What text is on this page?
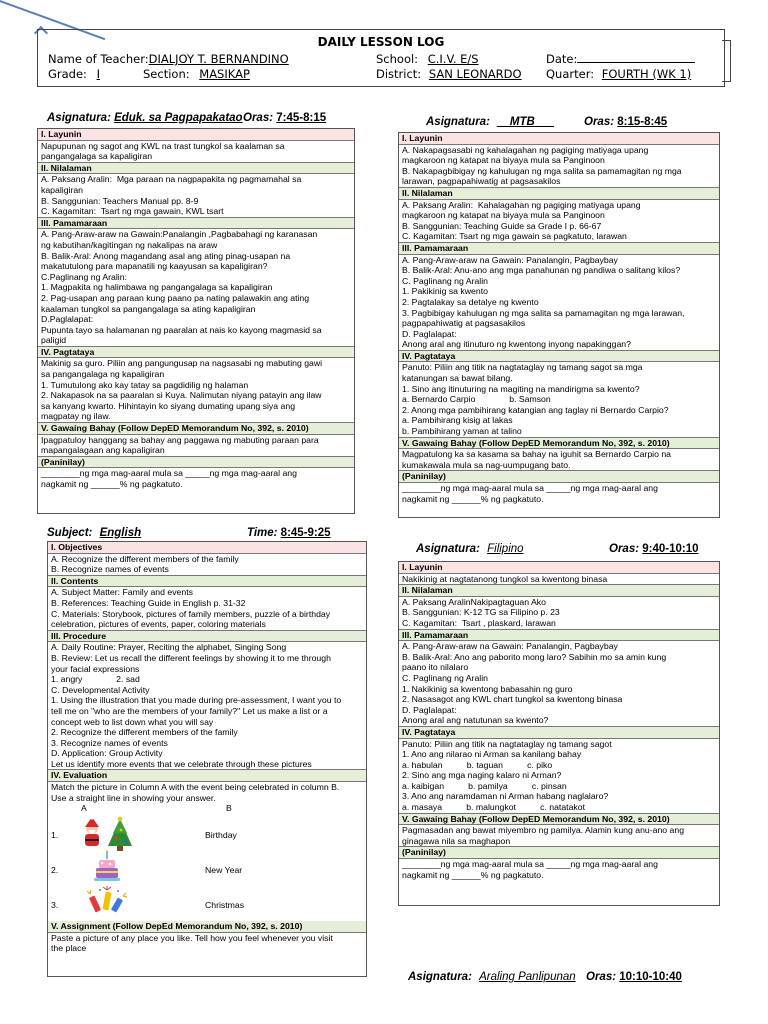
DAILY LESSON LOG
Name of Teacher:DIALJOY T. BERNANDINO	School: C.I.V. E/S	Date:
Grade: I	Section: MASIKAP	District: SAN LEONARDO Quarter: FOURTH (WK 1)
Asignatura: Eduk. sa Pagpapakatao Oras: 7:45-8:15
I. Layunin
Napupunan ng sagot ang KWL na trast tungkol sa kaalaman sa
pangangalaga sa kapaligiran
II. Nilalaman
A. Paksang Aralin:  Mga paraan na nagpapakita ng pagmamahal sa
kapaligiran
B. Sanggunian: Teachers Manual pp. 8-9
C. Kagamitan:  Tsart ng mga gawain, KWL tsart
III. Pamamaraan
A. Pang-Araw-araw na Gawain:Panalangin ,Pagbabahagi ng karanasan
ng kabutihan/kagitingan ng nakalipas na araw
B. Balik-Aral: Anong magandang asal ang ating pinag-usapan na
makatutulong para mapanatili ng kaayusan sa kapaligiran?
C.Paglinang ng Aralin:
1. Magpakita ng halimbawa ng pangangalaga sa kapaligiran
2. Pag-usapan ang paraan kung paano pa nating palawakin ang ating
kaalaman tungkol sa pangangalaga sa ating kapaligiran
D.Paglalapat:
Pupunta tayo sa halamanan ng paaralan at nais ko kayong magmasid sa
paligid
IV. Pagtataya
Makinig sa guro. Piliin ang pangungusap na nagsasabi ng mabuting gawi
sa pangangalaga ng kapaligiran
1. Tumutulong ako kay tatay sa pagdidilig ng halaman
2. Nakapasok na sa paaralan si Kuya. Nalimutan niyang patayin ang ilaw
sa kanyang kwarto. Hihintayin ko siyang dumating upang siya ang
magpatay ng ilaw.
V. Gawaing Bahay (Follow DepED Memorandum No, 392, s. 2010)
Ipagpatuloy hanggang sa bahay ang paggawa ng mabuting paraan para
mapangalagaan ang kapaligiran
(Paninilay)
________ng mga mag-aaral mula sa _____ng mga mag-aaral ang
nagkamit ng ______% ng pagkatuto.
Asignatura: __MTB___	Oras: 8:15-8:45
I. Layunin
A. Nakapagsasabi ng kahalagahan ng pagiging matiyaga upang
magkaroon ng katapat na biyaya mula sa Panginoon
B. Nakapagbibigay ng kahulugan ng mga salita sa pamamagitan ng mga
larawan, pagpapahiwatig at pagsasakilos
II. Nilalaman
A. Paksang Aralin:  Kahalagahan ng pagiging matiyaga upang
magkaroon ng katapat na biyaya mula sa Panginoon
B. Sanggunian: Teaching Guide sa Grade I p. 66-67
C. Kagamitan: Tsart ng mga gawain sa pagkatuto, larawan
III. Pamamaraan
A. Pang-Araw-araw na Gawain: Panalangin, Pagbaybay
B. Balik-Aral: Anu-ano ang mga panahunan ng pandiwa o salitang kilos?
C. Paglinang ng Aralin
1. Pakikinig sa kwento
2. Pagtalakay sa detalye ng kwento
3. Pagbibigay kahulugan ng mga salita sa pamamagitan ng mga larawan,
pagpapahiwatig at pagsasakilos
D. Paglalapat:
Anong aral ang itinuturo ng kwentong inyong napakinggan?
IV. Pagtataya
Panuto: Piliin ang titik na nagtataglay ng tamang sagot sa mga
katanungan sa bawat bilang.
1. Sino ang itinuturing na magiting na mandirigma sa kwento?
a. Bernardo Carpio              b. Samson
2. Anong mga pambihirang katangian ang taglay ni Bernardo Carpio?
a. Pambihirang kisig at lakas
b. Pambihirang yaman at talino
V. Gawaing Bahay (Follow DepED Memorandum No, 392, s. 2010)
Magpatulong ka sa kasama sa bahay na iguhit sa Bernardo Carpio na
kumakawala mula sa nag-uumpugang bato.
(Paninilay)
________ng mga mag-aaral mula sa _____ng mga mag-aaral ang
nagkamit ng ______% ng pagkatuto.
Subject: English	Time: 8:45-9:25
I. Objectives
A. Recognize the different members of the family
B. Recognize names of events
II. Contents
A. Subject Matter: Family and events
B. References: Teaching Guide in English p. 31-32
C. Materials: Storybook, pictures of family members, puzzle of a birthday
celebration, pictures of events, paper, coloring materials
III. Procedure
A. Daily Routine: Prayer, Reciting the alphabet, Singing Song
B. Review: Let us recall the different feelings by showing it to me through
your facial expressions
1. angry              2. sad
C. Developmental Activity
1. Using the illustration that you made during pre-assessment, I want you to
tell me on "who are the members of your family?" Let us make a list or a
concept web to list down what you will say
2. Recognize the different members of the family
3. Recognize names of events
D. Application: Group Activity
Let us identify more events that we celebrate through these pictures
IV. Evaluation
Match the picture in Column A with the event being celebrated in column B.
Use a straight line in showing your answer.
A	B
1.	Birthday
2.	New Year
3.	Christmas
V. Assignment (Follow DepEd Memorandum No, 392, s. 2010)
Paste a picture of any place you like. Tell how you feel whenever you visit
the place
Asignatura: Filipino	Oras: 9:40-10:10
I. Layunin
Nakikinig at nagtatanong tungkol sa kwentong binasa
II. Nilalaman
A. Paksang AralinNakipagtaguan Ako
B. Sanggunian: K-12 TG sa Filipino p. 23
C. Kagamitan:  Tsart , plaskard, larawan
III. Pamamaraan
A. Pang-Araw-araw na Gawain: Panalangin, Pagbaybay
B. Balik-Aral: Ano ang paborito mong laro? Sabihin mo sa amin kung
paano ito nilalaro
C. Paglinang ng Aralin
1. Nakikinig sa kwentong babasahin ng guro
2. Nasasagot ang KWL chart tungkol sa kwentong binasa
D. Paglalapat:
Anong aral ang natutunan sa kwento?
IV. Pagtataya
Panuto: Piliin ang titik na nagtataglay ng tamang sagot
1. Ano ang nilarao ni Arman sa kanilang bahay
a. habulan          b. taguan          c. piko
2. Sino ang mga naging kalaro ni Arman?
a. kaibigan          b. pamilya          c. pinsan
3. Ano ang naramdaman ni Arman habang naglalaro?
a. masaya          b. malungkot          c. natatakot
V. Gawaing Bahay (Follow DepED Memorandum No, 392, s. 2010)
Pagmasadan ang bawat miyembro ng pamilya. Alamin kung anu-ano ang
ginagawa nila sa maghapon
(Paninilay)
________ng mga mag-aaral mula sa _____ng mga mag-aaral ang
nagkamit ng ______% ng pagkatuto.
Asignatura: Araling Panlipunan Oras: 10:10-10:40
